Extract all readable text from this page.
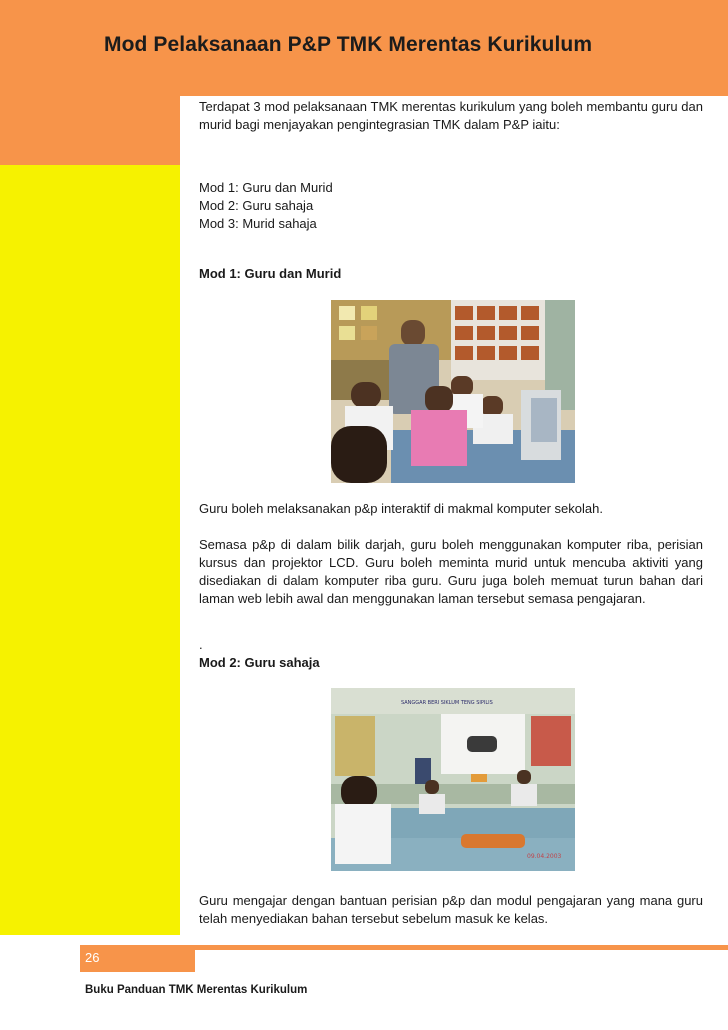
Mod Pelaksanaan P&P TMK Merentas Kurikulum

Terdapat 3 mod pelaksanaan TMK merentas kurikulum yang boleh membantu guru dan murid bagi menjayakan pengintegrasian TMK dalam P&P iaitu:

Mod 1: Guru dan Murid
Mod 2: Guru sahaja
Mod 3: Murid sahaja
Mod 1: Guru dan Murid
Guru boleh melaksanakan p&p interaktif di makmal komputer sekolah.

Semasa p&p di dalam bilik darjah, guru boleh menggunakan komputer riba, perisian kursus dan projektor LCD. Guru boleh meminta murid untuk mencuba aktiviti yang disediakan di dalam komputer riba guru. Guru juga boleh memuat turun bahan dari laman web lebih awal dan menggunakan laman tersebut semasa pengajaran.

.
Mod 2: Guru sahaja
SANGGAR BERI SIKLUM TENG SIPILIS
09.04.2003

Guru mengajar dengan bantuan perisian p&p dan modul pengajaran yang mana guru telah menyediakan bahan tersebut sebelum masuk ke kelas.

26
Buku Panduan TMK Merentas Kurikulum
